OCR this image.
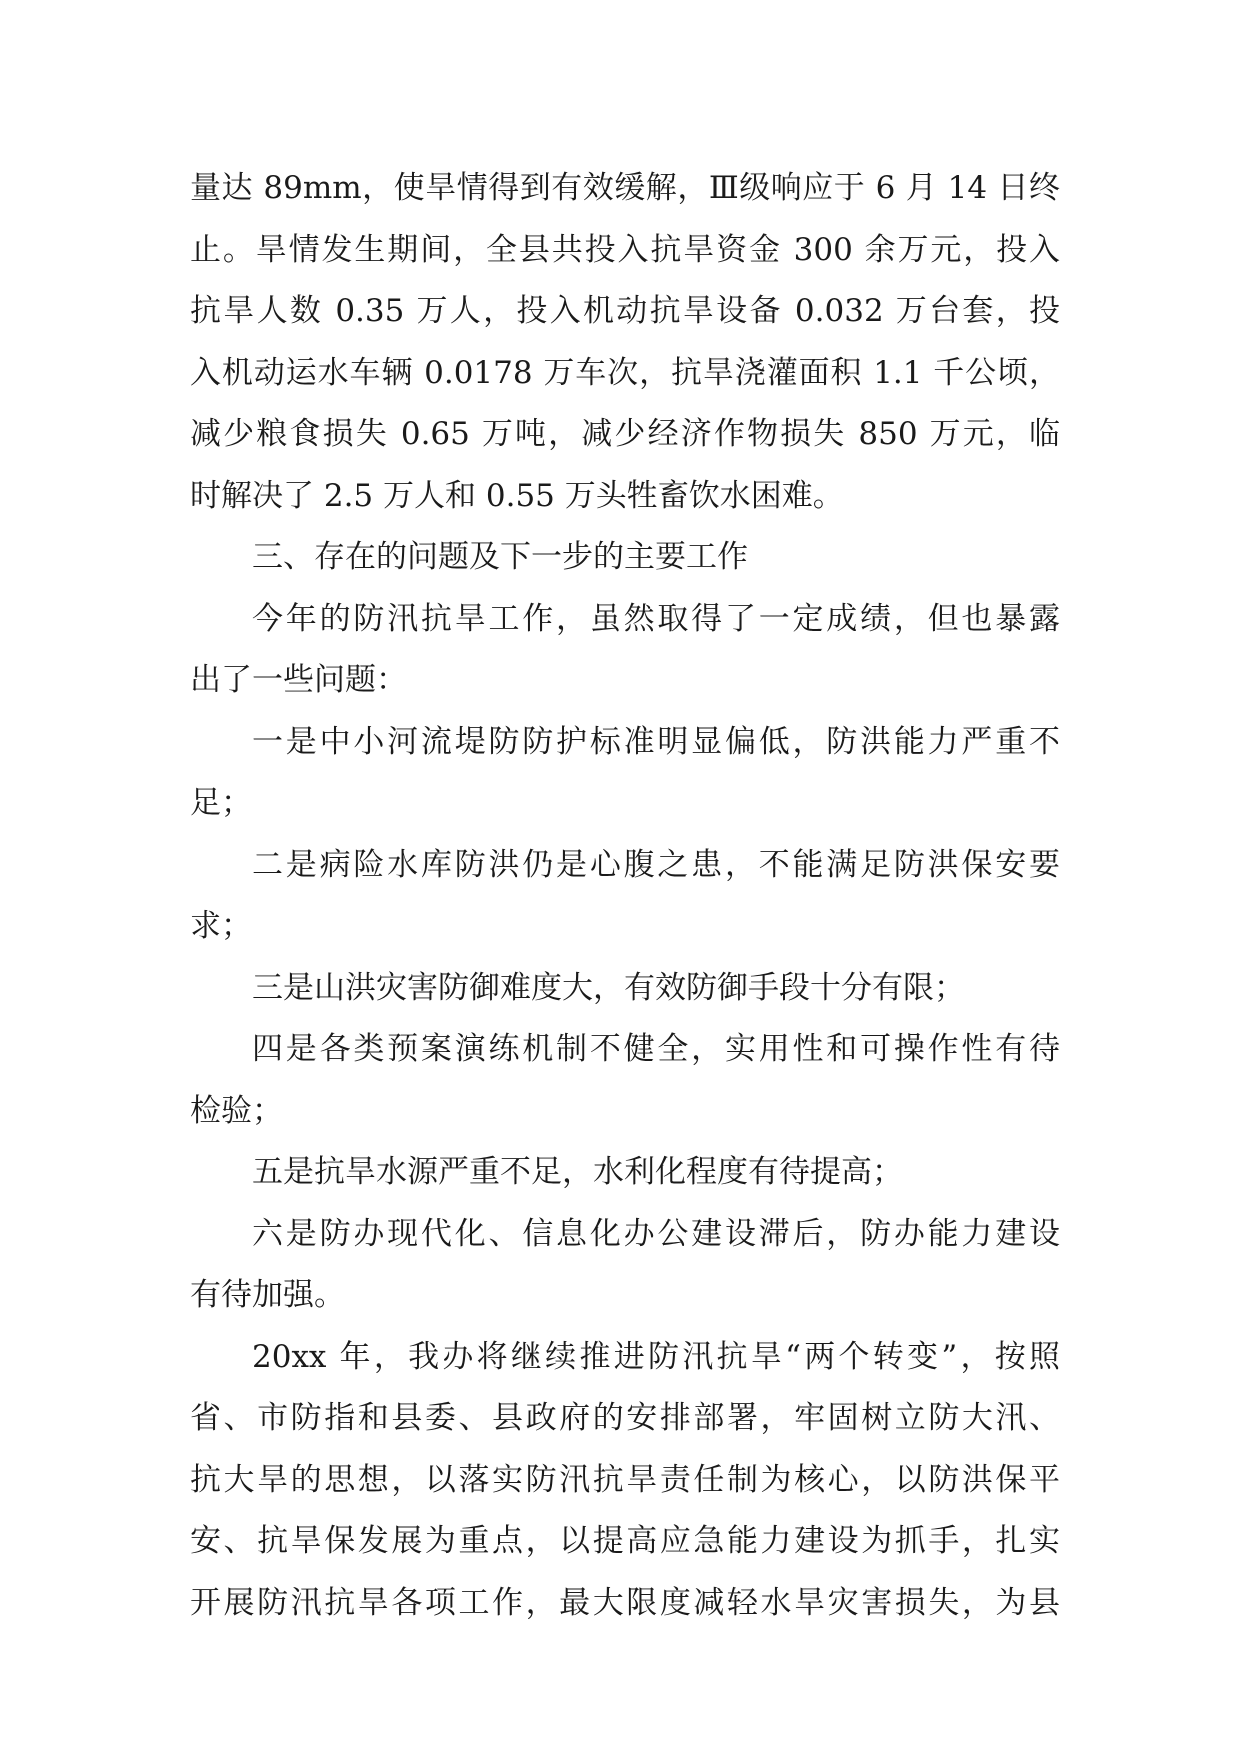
量达 89mm，使旱情得到有效缓解，Ⅲ级响应于 6 月 14 日终
止。旱情发生期间，全县共投入抗旱资金 300 余万元，投入
抗旱人数 0.35 万人，投入机动抗旱设备 0.032 万台套，投
入机动运水车辆 0.0178 万车次，抗旱浇灌面积 1.1 千公顷，
减少粮食损失 0.65 万吨，减少经济作物损失 850 万元，临
时解决了 2.5 万人和 0.55 万头牲畜饮水困难。
三、存在的问题及下一步的主要工作
今年的防汛抗旱工作，虽然取得了一定成绩，但也暴露
出了一些问题：
一是中小河流堤防防护标准明显偏低，防洪能力严重不
足；
二是病险水库防洪仍是心腹之患，不能满足防洪保安要
求；
三是山洪灾害防御难度大，有效防御手段十分有限；
四是各类预案演练机制不健全，实用性和可操作性有待
检验；
五是抗旱水源严重不足，水利化程度有待提高；
六是防办现代化、信息化办公建设滞后，防办能力建设
有待加强。
20xx 年，我办将继续推进防汛抗旱“两个转变”，按照
省、市防指和县委、县政府的安排部署，牢固树立防大汛、
抗大旱的思想，以落实防汛抗旱责任制为核心，以防洪保平
安、抗旱保发展为重点，以提高应急能力建设为抓手，扎实
开展防汛抗旱各项工作，最大限度减轻水旱灾害损失，为县
